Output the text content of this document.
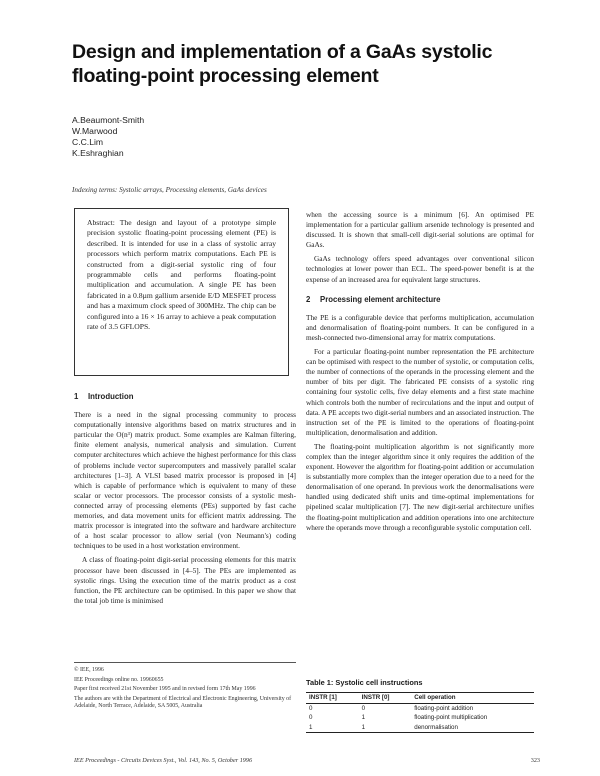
Design and implementation of a GaAs systolic
floating-point processing element
A.Beaumont-Smith
W.Marwood
C.C.Lim
K.Eshraghian
Indexing terms: Systolic arrays, Processing elements, GaAs devices
Abstract: The design and layout of a prototype simple precision systolic floating-point processing element (PE) is described. It is intended for use in a class of systolic array processors which perform matrix computations. Each PE is constructed from a digit-serial systolic ring of four programmable cells and performs floating-point multiplication and accumulation. A single PE has been fabricated in a 0.8µm gallium arsenide E/D MESFET process and has a maximum clock speed of 300MHz. The chip can be configured into a 16 × 16 array to achieve a peak computation rate of 3.5 GFLOPS.
1 Introduction

There is a need in the signal processing community to process computationally intensive algorithms based on matrix structures and in particular the O(n³) matrix product. Some examples are Kalman filtering, finite element analysis, numerical analysis and simulation. Current computer architectures which achieve the highest performance for this class of problems include vector supercomputers and massively parallel scalar architectures [1–3]. A VLSI based matrix processor is proposed in [4] which is capable of performance which is equivalent to many of these scalar or vector processors. The processor consists of a systolic mesh-connected array of processing elements (PEs) supported by fast cache memories, and data movement units for efficient matrix addressing. The matrix processor is integrated into the software and hardware architecture of a host scalar processor to allow serial (von Neumann's) coding techniques to be used in a host workstation environment.

A class of floating-point digit-serial processing elements for this matrix processor have been discussed in [4–5]. The PEs are implemented as systolic rings. Using the execution time of the matrix product as a cost function, the PE architecture can be optimised. In this paper we show that the total job time is minimised

© IEE, 1996
IEE Proceedings online no. 19960655
Paper first received 21st November 1995 and in revised form 17th May 1996
The authors are with the Department of Electrical and Electronic Engineering, University of Adelaide, North Terrace, Adelaide, SA 5005, Australia

when the accessing source is a minimum [6]. An optimised PE implementation for a particular gallium arsenide technology is presented and discussed. It is shown that small-cell digit-serial solutions are optimal for GaAs.

GaAs technology offers speed advantages over conventional silicon technologies at lower power than ECL. The speed-power benefit is at the expense of an increased area for equivalent large structures.

2 Processing element architecture

The PE is a configurable device that performs multiplication, accumulation and denormalisation of floating-point numbers. It can be configured in a mesh-connected two-dimensional array for matrix computations.

For a particular floating-point number representation the PE architecture can be optimised with respect to the number of systolic, or computation cells, the number of connections of the operands in the processing element and the number of bits per digit. The fabricated PE consists of a systolic ring containing four systolic cells, five delay elements and a first state machine which controls both the number of recirculations and the input and output of data. A PE accepts two digit-serial numbers and an associated instruction. The instruction set of the PE is limited to the operations of floating-point multiplication, denormalisation and addition.

The floating-point multiplication algorithm is not significantly more complex than the integer algorithm since it only requires the addition of the exponent. However the algorithm for floating-point addition or accumulation is substantially more complex than the integer operation due to a need for the denormalisation of one operand. In previous work the denormalisations were handled using dedicated shift units and time-optimal implementations for pipelined scalar multiplication [7]. The new digit-serial architecture unifies the floating-point multiplication and addition operations into one architecture where the operands move through a reconfigurable systolic computation cell.

Table 1: Systolic cell instructions
INSTR [1]	INSTR [0]	Cell operation
0	0	floating-point addition
0	1	floating-point multiplication
1	1	denormalisation
IEE Proceedings - Circuits Devices Syst., Vol. 143, No. 5, October 1996	323
